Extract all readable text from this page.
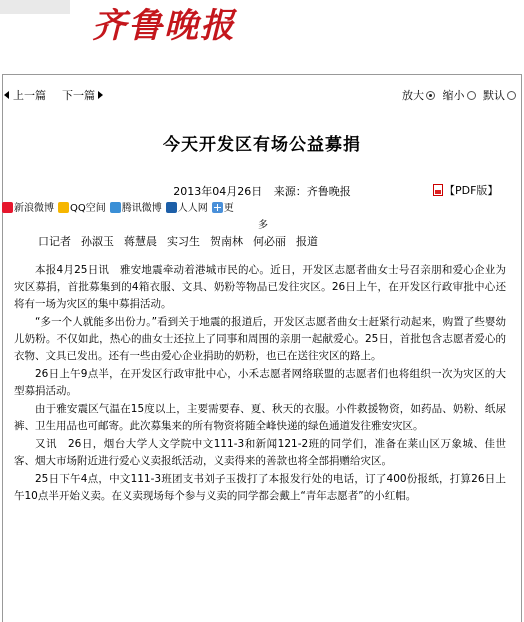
齐鲁晚报
上一篇 下一篇	放大 缩小 默认
今天开发区有场公益募捐
2013年04月26日 来源：齐鲁晚报	【PDF版】
新浪微博 QQ空间 腾讯微博 人人网 更
多
口记者 孙淑玉 蒋慧晨 实习生 贺南林 何必丽 报道

本报4月25日讯　雅安地震牵动着港城市民的心。近日，开发区志愿者曲女士号召亲朋和爱心企业为灾区募捐，首批募集到的4箱衣服、文具、奶粉等物品已发往灾区。26日上午，在开发区行政审批中心还将有一场为灾区的集中募捐活动。

“多一个人就能多出份力。”看到关于地震的报道后，开发区志愿者曲女士赶紧行动起来，购置了些婴幼儿奶粉。不仅如此，热心的曲女士还拉上了同事和周围的亲朋一起献爱心。25日，首批包含志愿者爱心的衣物、文具已发出。还有一些由爱心企业捐助的奶粉，也已在送往灾区的路上。

26日上午9点半，在开发区行政审批中心，小禾志愿者网络联盟的志愿者们也将组织一次为灾区的大型募捐活动。

由于雅安震区气温在15度以上，主要需要春、夏、秋天的衣服。小件救援物资，如药品、奶粉、纸尿裤、卫生用品也可邮寄。此次募集来的所有物资将随全峰快递的绿色通道发往雅安灾区。

又讯　26日，烟台大学人文学院中文111-3和新闻121-2班的同学们，准备在莱山区万象城、佳世客、烟大市场附近进行爱心义卖报纸活动，义卖得来的善款也将全部捐赠给灾区。

25日下午4点，中文111-3班团支书刘子玉拨打了本报发行处的电话，订了400份报纸，打算26日上午10点半开始义卖。在义卖现场每个参与义卖的同学都会戴上“青年志愿者”的小红帽。
